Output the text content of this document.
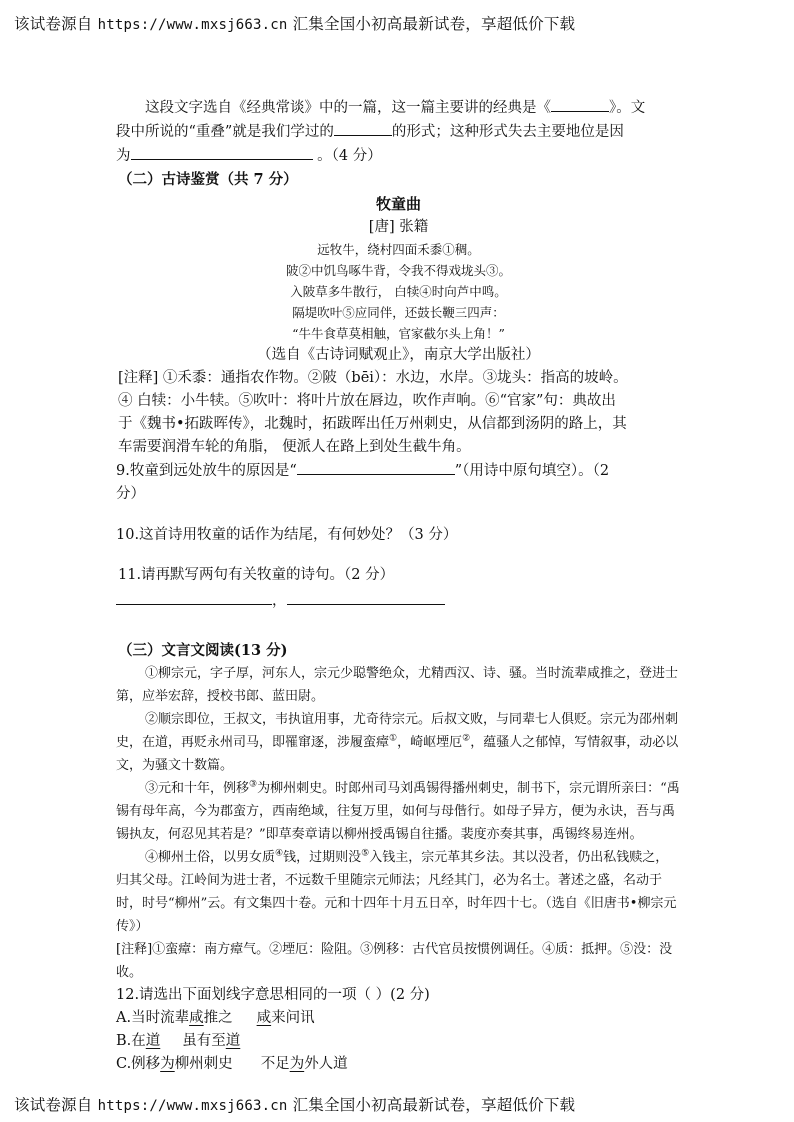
该试卷源自 https://www.mxsj663.cn 汇集全国小初高最新试卷，享超低价下载

这段文字选自《经典常谈》中的一篇，这一篇主要讲的经典是《	》。文

段中所说的“重叠”就是我们学过的	的形式；这种形式失去主要地位是因

为	。（4 分）

（二）古诗鉴赏（共 7 分）

牧童曲

[唐] 张籍

远牧牛，绕村四面禾黍①稠。

陂②中饥鸟啄牛背，令我不得戏垅头③。

入陂草多牛散行， 白犊④时向芦中鸣。

隔堤吹叶⑤应同伴，还鼓长鞭三四声：

“牛牛食草莫相触，官家截尔头上角！”

（选自《古诗词赋观止》，南京大学出版社）

[注释] ①禾黍：通指农作物。②陂（bēi）：水边，水岸。③垅头：指高的坡岭。

④ 白犊：小牛犊。⑤吹叶：将叶片放在唇边，吹作声响。⑥“官家”句：典故出

于《魏书•拓跋晖传》，北魏时，拓跋晖出任万州刺史，从信都到汤阴的路上，其

车需要润滑车轮的角脂， 便派人在路上到处生截牛角。

9.牧童到远处放牛的原因是“	”（用诗中原句填空）。（2

分）

10.这首诗用牧童的话作为结尾，有何妙处？（3 分）

11.请再默写两句有关牧童的诗句。（2 分）

，

（三）文言文阅读(13 分)

①柳宗元，字子厚，河东人，宗元少聪警绝众，尤精西汉、诗、骚。当时流辈咸推之，登进士第，应举宏辞，授校书郎、蓝田尉。

②顺宗即位，王叔文，韦执谊用事，尤奇待宗元。后叔文败，与同辈七人俱贬。宗元为邵州刺史，在道，再贬永州司马，即罹窜逐，涉履蛮瘴①，崎岖堙厄②，蕴骚人之郁悼，写情叙事，动必以文，为骚文十数篇。

③元和十年，例移③为柳州刺史。时郎州司马刘禹锡得播州刺史，制书下，宗元谓所亲曰：“禹锡有母年高，今为郡蛮方，西南绝域，往复万里，如何与母偕行。如母子异方，便为永诀，吾与禹锡执友，何忍见其若是？”即草奏章请以柳州授禹锡自往播。裴度亦奏其事，禹锡终易连州。

④柳州土俗，以男女质④钱，过期则没⑤入钱主，宗元革其乡法。其以没者，仍出私钱赎之，归其父母。江岭间为进士者，不远数千里随宗元师法；凡经其门，必为名士。著述之盛，名动于时，时号“柳州”云。有文集四十卷。元和十四年十月五日卒，时年四十七。（选自《旧唐书•柳宗元传》）

[注释]①蛮瘴：南方瘴气。②堙厄：险阻。③例移：古代官员按惯例调任。④质：抵押。⑤没：没收。

12.请选出下面划线字意思相同的一项（ ）(2 分)

A.当时流辈咸推之 咸来问讯

B.在道 虽有至道

C.例移为柳州刺史 不足为外人道

该试卷源自 https://www.mxsj663.cn 汇集全国小初高最新试卷，享超低价下载
